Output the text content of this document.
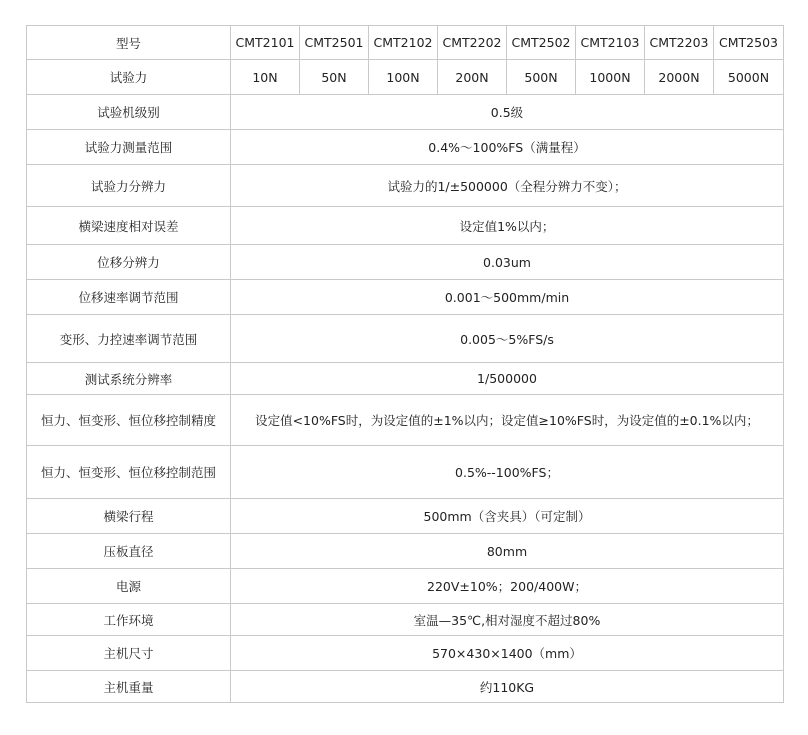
型号	CMT2101	CMT2501	CMT2102	CMT2202	CMT2502	CMT2103	CMT2203	CMT2503
试验力	10N	50N	100N	200N	500N	1000N	2000N	5000N
试验机级别	0.5级							
试验力测量范围	0.4%～100%FS（满量程）							
试验力分辨力	试验力的1/±500000（全程分辨力不变）；							
横梁速度相对误差	设定值1%以内；							
位移分辨力	0.03um							
位移速率调节范围	0.001～500mm/min							
变形、力控速率调节范围	0.005～5%FS/s							
测试系统分辨率	1/500000							
恒力、恒变形、恒位移控制精度	设定值<10%FS时，为设定值的±1%以内；设定值≥10%FS时，为设定值的±0.1%以内；							
恒力、恒变形、恒位移控制范围	0.5%--100%FS；							
横梁行程	500mm（含夹具）（可定制）							
压板直径	80mm							
电源	220V±10%；200/400W；							
工作环境	室温—35℃,相对湿度不超过80%							
主机尺寸	570×430×1400（mm）							
主机重量	约110KG							
